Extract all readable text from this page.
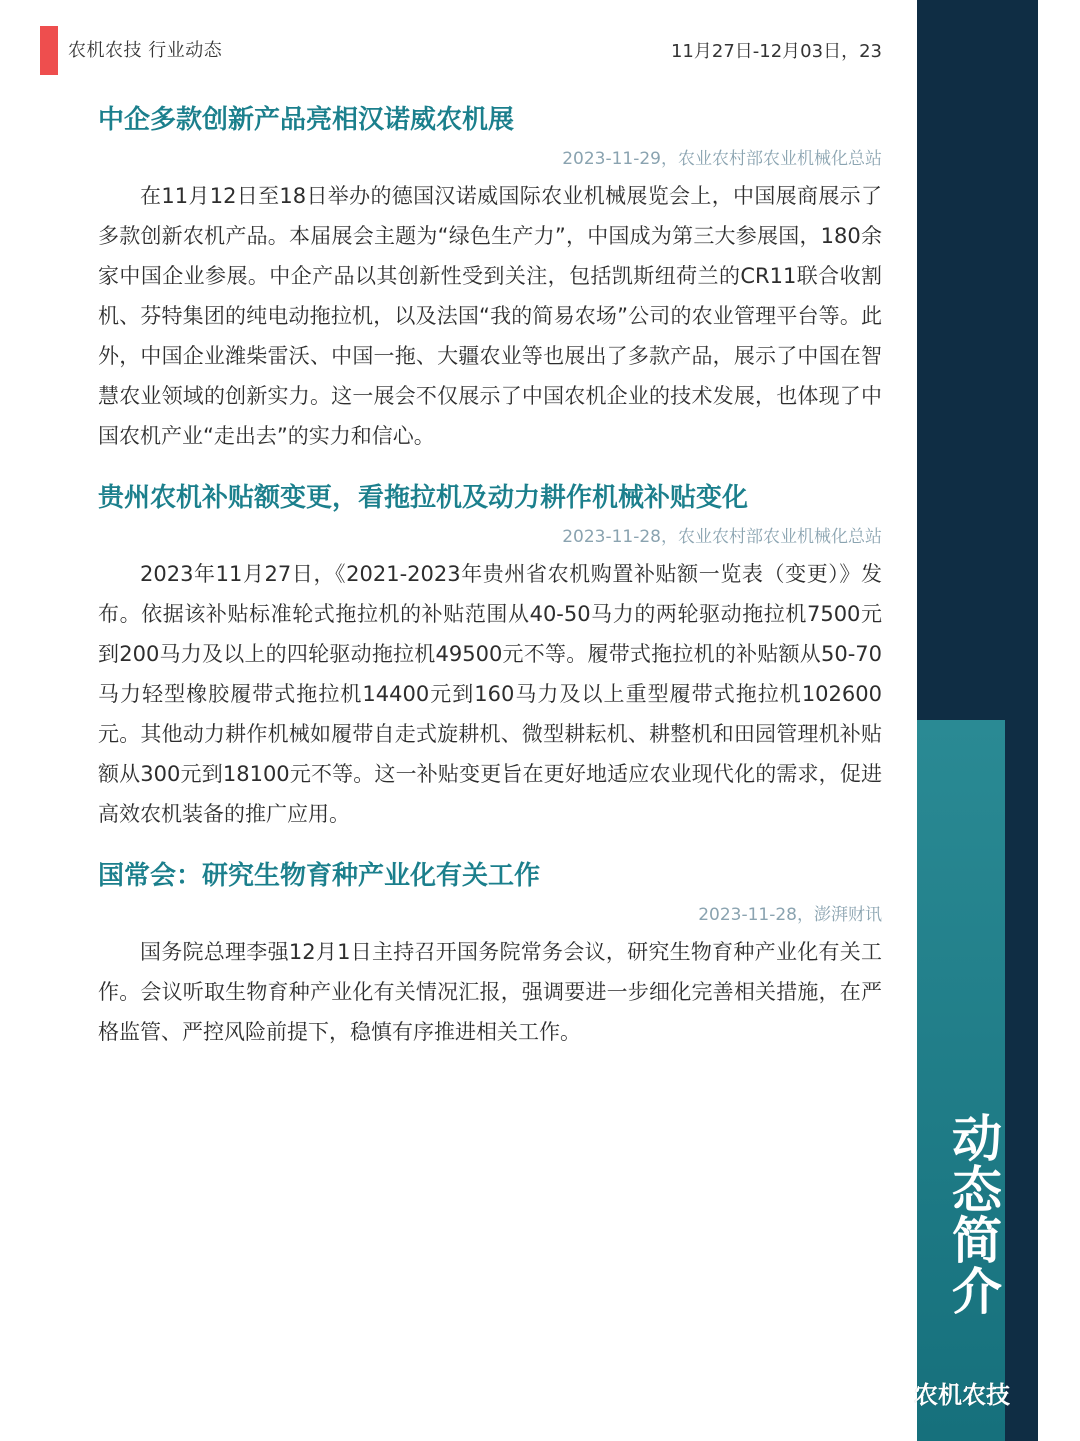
农机农技 行业动态	11月27日-12月03日，23
中企多款创新产品亮相汉诺威农机展

2023-11-29，农业农村部农业机械化总站

在11月12日至18日举办的德国汉诺威国际农业机械展览会上，中国展商展示了多款创新农机产品。本届展会主题为“绿色生产力”，中国成为第三大参展国，180余家中国企业参展。中企产品以其创新性受到关注，包括凯斯纽荷兰的CR11联合收割机、芬特集团的纯电动拖拉机，以及法国“我的简易农场”公司的农业管理平台等。此外，中国企业潍柴雷沃、中国一拖、大疆农业等也展出了多款产品，展示了中国在智慧农业领域的创新实力。这一展会不仅展示了中国农机企业的技术发展，也体现了中国农机产业“走出去”的实力和信心。

贵州农机补贴额变更，看拖拉机及动力耕作机械补贴变化

2023-11-28，农业农村部农业机械化总站

2023年11月27日，《2021-2023年贵州省农机购置补贴额一览表（变更）》发布。依据该补贴标准轮式拖拉机的补贴范围从40-50马力的两轮驱动拖拉机7500元到200马力及以上的四轮驱动拖拉机49500元不等。履带式拖拉机的补贴额从50-70马力轻型橡胶履带式拖拉机14400元到160马力及以上重型履带式拖拉机102600元。其他动力耕作机械如履带自走式旋耕机、微型耕耘机、耕整机和田园管理机补贴额从300元到18100元不等。这一补贴变更旨在更好地适应农业现代化的需求，促进高效农机装备的推广应用。

国常会：研究生物育种产业化有关工作

2023-11-28，澎湃财讯

国务院总理李强12月1日主持召开国务院常务会议，研究生物育种产业化有关工作。会议听取生物育种产业化有关情况汇报，强调要进一步细化完善相关措施，在严格监管、严控风险前提下，稳慎有序推进相关工作。

动态简介
农机农技
